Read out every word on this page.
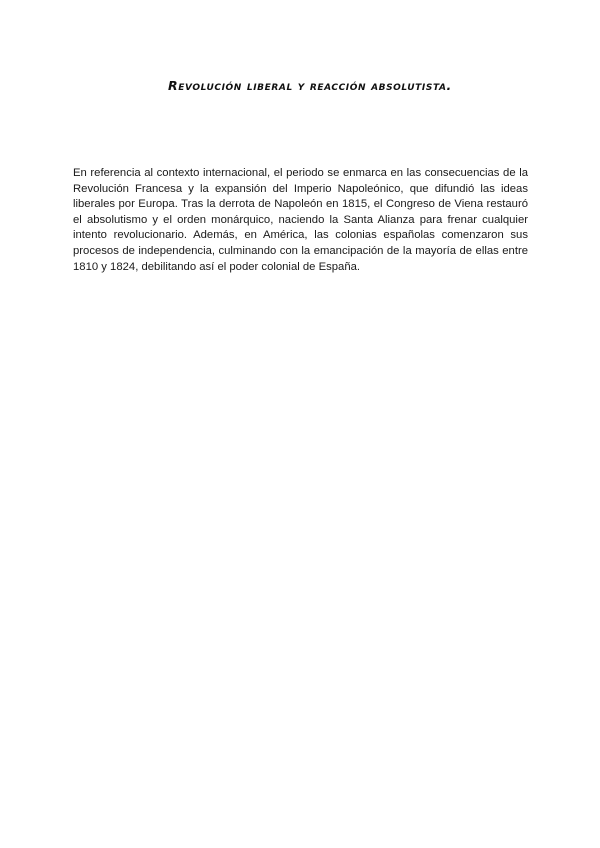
Revolución liberal y reacción absolutista.

En referencia al contexto internacional, el periodo se enmarca en las consecuencias de la Revolución Francesa y la expansión del Imperio Napoleónico, que difundió las ideas liberales por Europa. Tras la derrota de Napoleón en 1815, el Congreso de Viena restauró el absolutismo y el orden monárquico, naciendo la Santa Alianza para frenar cualquier intento revolucionario. Además, en América, las colonias españolas comenzaron sus procesos de independencia, culminando con la emancipación de la mayoría de ellas entre 1810 y 1824, debilitando así el poder colonial de España.
